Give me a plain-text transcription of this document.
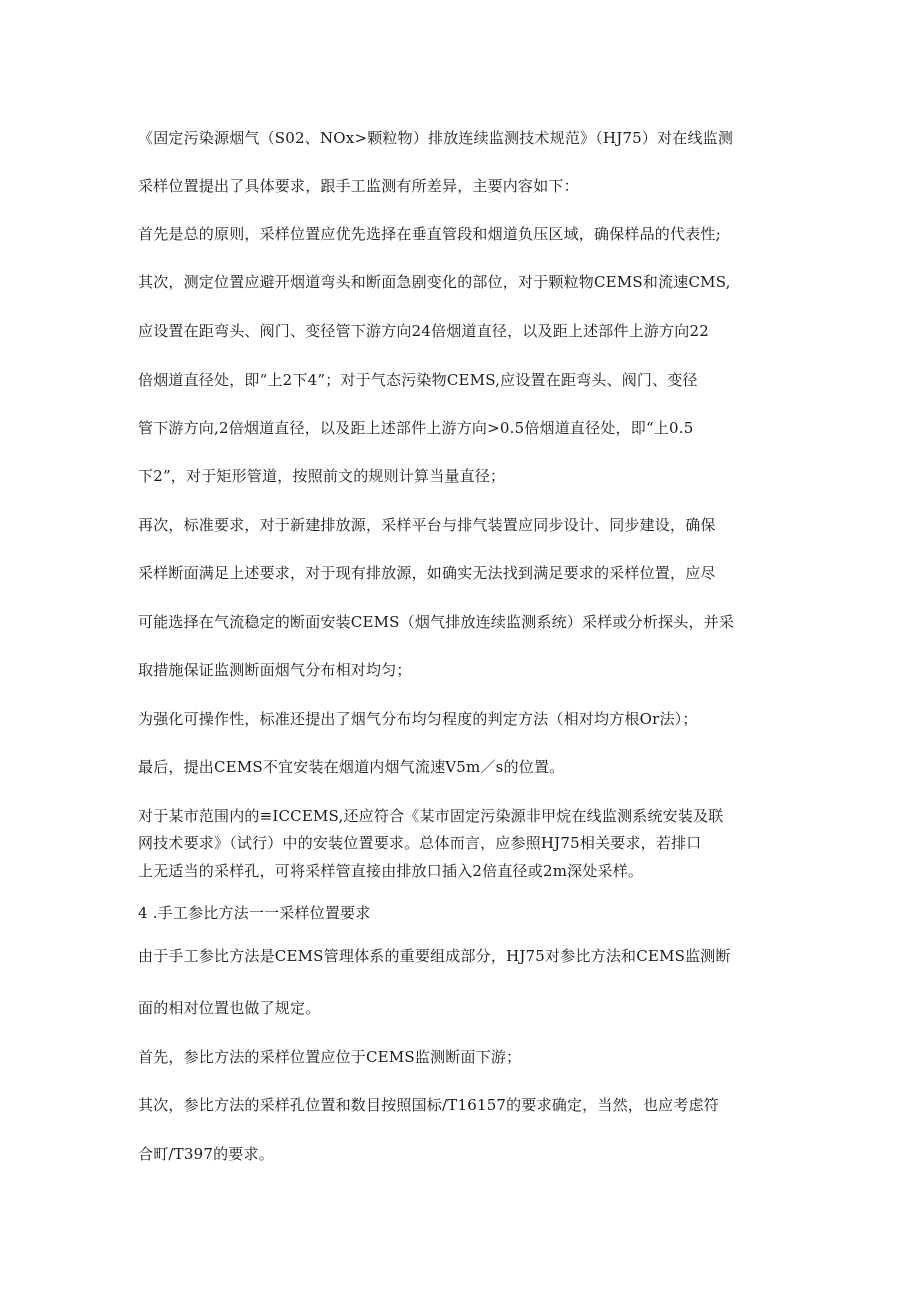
《固定污染源烟气（S02、NOx>颗粒物）排放连续监测技术规范》（HJ75）对在线监测
采样位置提出了具体要求，跟手工监测有所差异，主要内容如下：
首先是总的原则，采样位置应优先选择在垂直管段和烟道负压区域，确保样品的代表性;
其次，测定位置应避开烟道弯头和断面急剧变化的部位，对于颗粒物CEMS和流速CMS,
应设置在距弯头、阀门、变径管下游方向24倍烟道直径，以及距上述部件上游方向22
倍烟道直径处，即“上2下4”；对于气态污染物CEMS,应设置在距弯头、阀门、变径
管下游方向,2倍烟道直径，以及距上述部件上游方向>0.5倍烟道直径处，即“上0.5
下2”，对于矩形管道，按照前文的规则计算当量直径；
再次，标准要求，对于新建排放源，采样平台与排气装置应同步设计、同步建设，确保
采样断面满足上述要求，对于现有排放源，如确实无法找到满足要求的采样位置，应尽
可能选择在气流稳定的断面安装CEMS（烟气排放连续监测系统）采样或分析探头，并采
取措施保证监测断面烟气分布相对均匀；
为强化可操作性，标准还提出了烟气分布均匀程度的判定方法（相对均方根Or法）；
最后，提出CEMS不宜安装在烟道内烟气流速V5m／s的位置。
对于某市范围内的≡ICCEMS,还应符合《某市固定污染源非甲烷在线监测系统安装及联
网技术要求》（试行）中的安装位置要求。总体而言，应参照HJ75相关要求，若排口
上无适当的采样孔，可将采样管直接由排放口插入2倍直径或2m深处采样。
4 .手工参比方法一一采样位置要求
由于手工参比方法是CEMS管理体系的重要组成部分，HJ75对参比方法和CEMS监测断
面的相对位置也做了规定。
首先，参比方法的采样位置应位于CEMS监测断面下游；
其次，参比方法的采样孔位置和数目按照国标/T16157的要求确定，当然，也应考虑符
合町/T397的要求。
